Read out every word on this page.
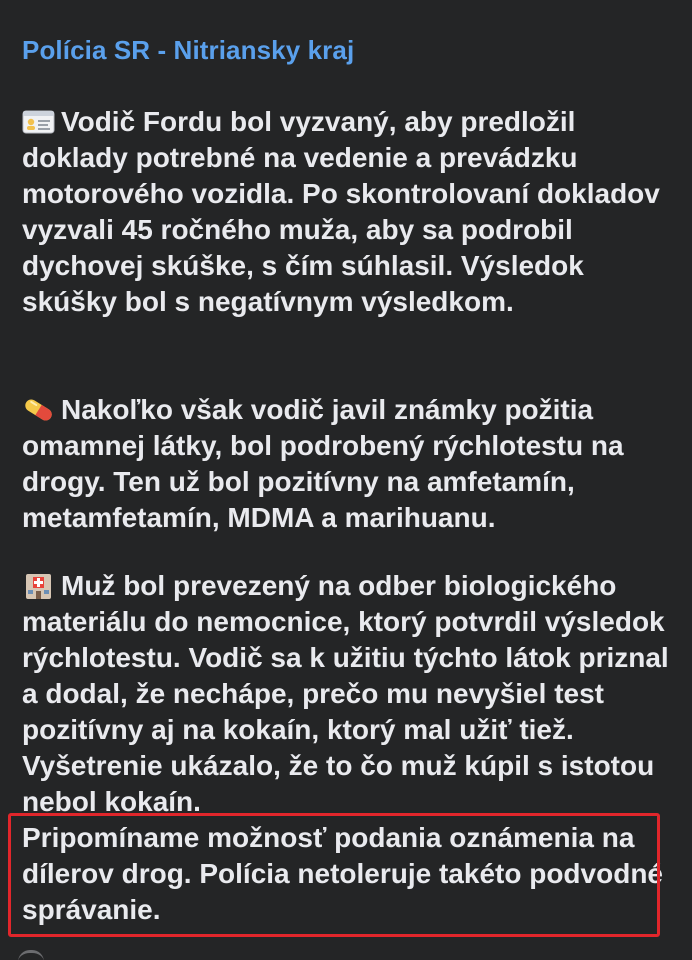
Polícia SR - Nitriansky kraj

Vodič Fordu bol vyzvaný, aby predložil doklady potrebné na vedenie a prevádzku motorového vozidla. Po skontrolovaní dokladov vyzvali 45 ročného muža, aby sa podrobil dychovej skúške, s čím súhlasil. Výsledok skúšky bol s negatívnym výsledkom.

Nakoľko však vodič javil známky požitia omamnej látky, bol podrobený rýchlotestu na drogy. Ten už bol pozitívny na amfetamín, metamfetamín, MDMA a marihuanu.

Muž bol prevezený na odber biologického materiálu do nemocnice, ktorý potvrdil výsledok rýchlotestu. Vodič sa k užitiu týchto látok priznal a dodal, že nechápe, prečo mu nevyšiel test pozitívny aj na kokaín, ktorý mal užiť tiež. Vyšetrenie ukázalo, že to čo muž kúpil s istotou nebol kokaín.

Pripomíname možnosť podania oznámenia na dílerov drog. Polícia netoleruje takéto podvodné správanie.
